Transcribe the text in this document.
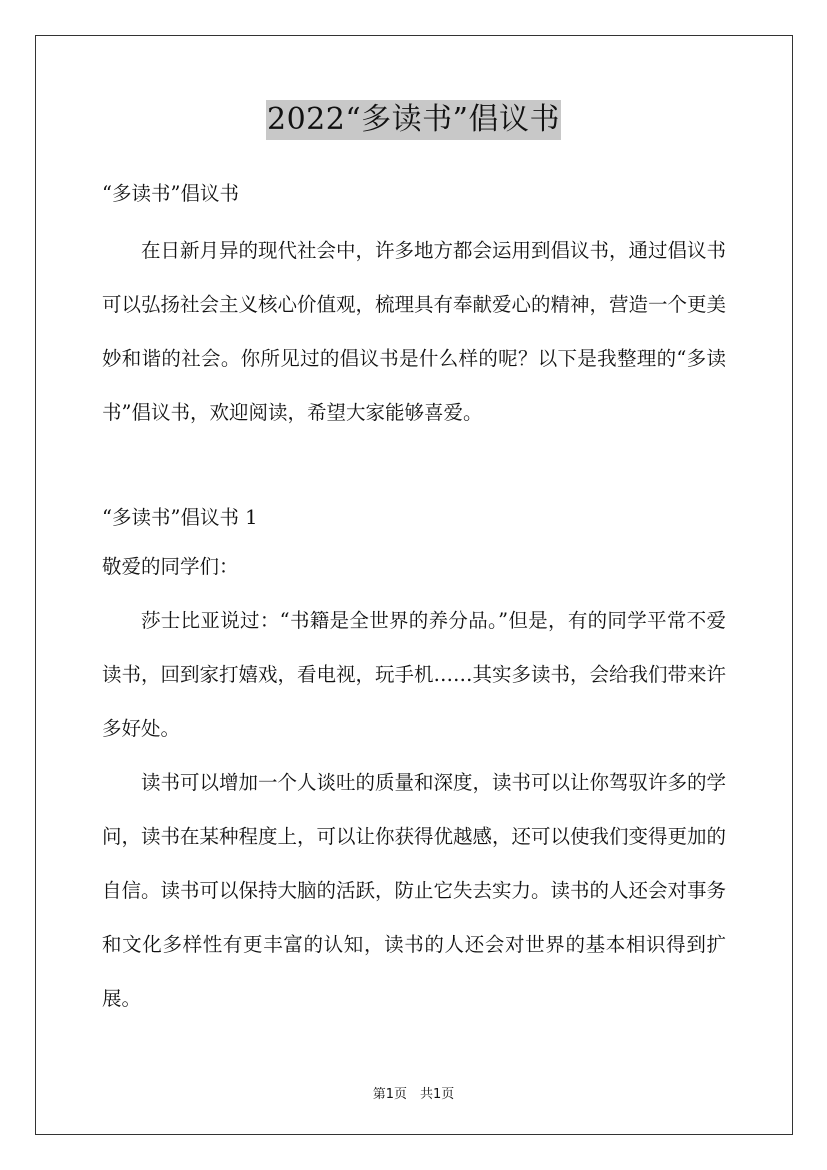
2022“多读书”倡议书

“多读书”倡议书

在日新月异的现代社会中，许多地方都会运用到倡议书，通过倡议书可以弘扬社会主义核心价值观，梳理具有奉献爱心的精神，营造一个更美妙和谐的社会。你所见过的倡议书是什么样的呢？以下是我整理的“多读书”倡议书，欢迎阅读，希望大家能够喜爱。

“多读书”倡议书 1

敬爱的同学们：

莎士比亚说过：“书籍是全世界的养分品。”但是，有的同学平常不爱读书，回到家打嬉戏，看电视，玩手机……其实多读书，会给我们带来许多好处。

读书可以增加一个人谈吐的质量和深度，读书可以让你驾驭许多的学问，读书在某种程度上，可以让你获得优越感，还可以使我们变得更加的自信。读书可以保持大脑的活跃，防止它失去实力。读书的人还会对事务和文化多样性有更丰富的认知，读书的人还会对世界的基本相识得到扩展。

第1页　共1页
